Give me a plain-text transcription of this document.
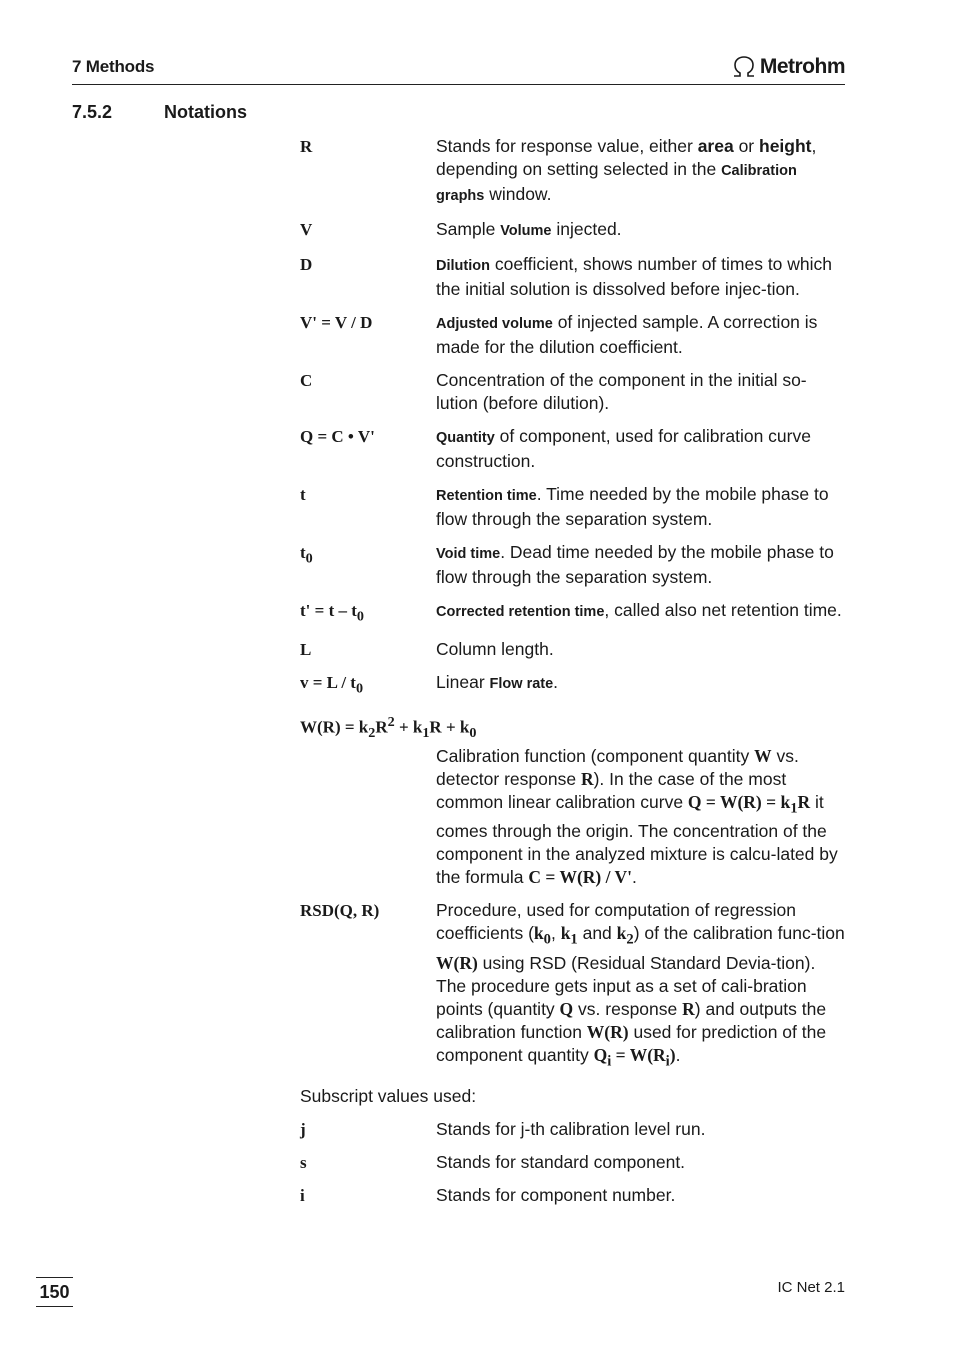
7 Methods	Metrohm
7.5.2	Notations
R	Stands for response value, either area or height, depending on setting selected in the Calibration graphs window.
V	Sample Volume injected.
D	Dilution coefficient, shows number of times to which the initial solution is dissolved before injec-tion.
V' = V / D	Adjusted volume of injected sample. A correction is made for the dilution coefficient.
C	Concentration of the component in the initial so-lution (before dilution).
Q = C • V'	Quantity of component, used for calibration curve construction.
t	Retention time. Time needed by the mobile phase to flow through the separation system.
$t_0$	Void time. Dead time needed by the mobile phase to flow through the separation system.
$t' = t - t_0$	Corrected retention time, called also net retention time.
L	Column length.
$v = L / t_0$	Linear Flow rate.
$W(R) = k_2R^2 + k_1R + k_0$
Calibration function (component quantity W vs. detector response R). In the case of the most common linear calibration curve $Q = W(R) = k_1R$ it comes through the origin. The concentration of the component in the analyzed mixture is calcu-lated by the formula C = W(R) / V'.
RSD(Q, R)	Procedure, used for computation of regression coefficients ($k_0$, $k_1$ and $k_2$) of the calibration func-tion W(R) using RSD (Residual Standard Devia-tion). The procedure gets input as a set of cali-bration points (quantity Q vs. response R) and outputs the calibration function W(R) used for prediction of the component quantity $Q_i = W(R_i)$.
Subscript values used:
j	Stands for j-th calibration level run.
s	Stands for standard component.
i	Stands for component number.
150	IC Net 2.1
